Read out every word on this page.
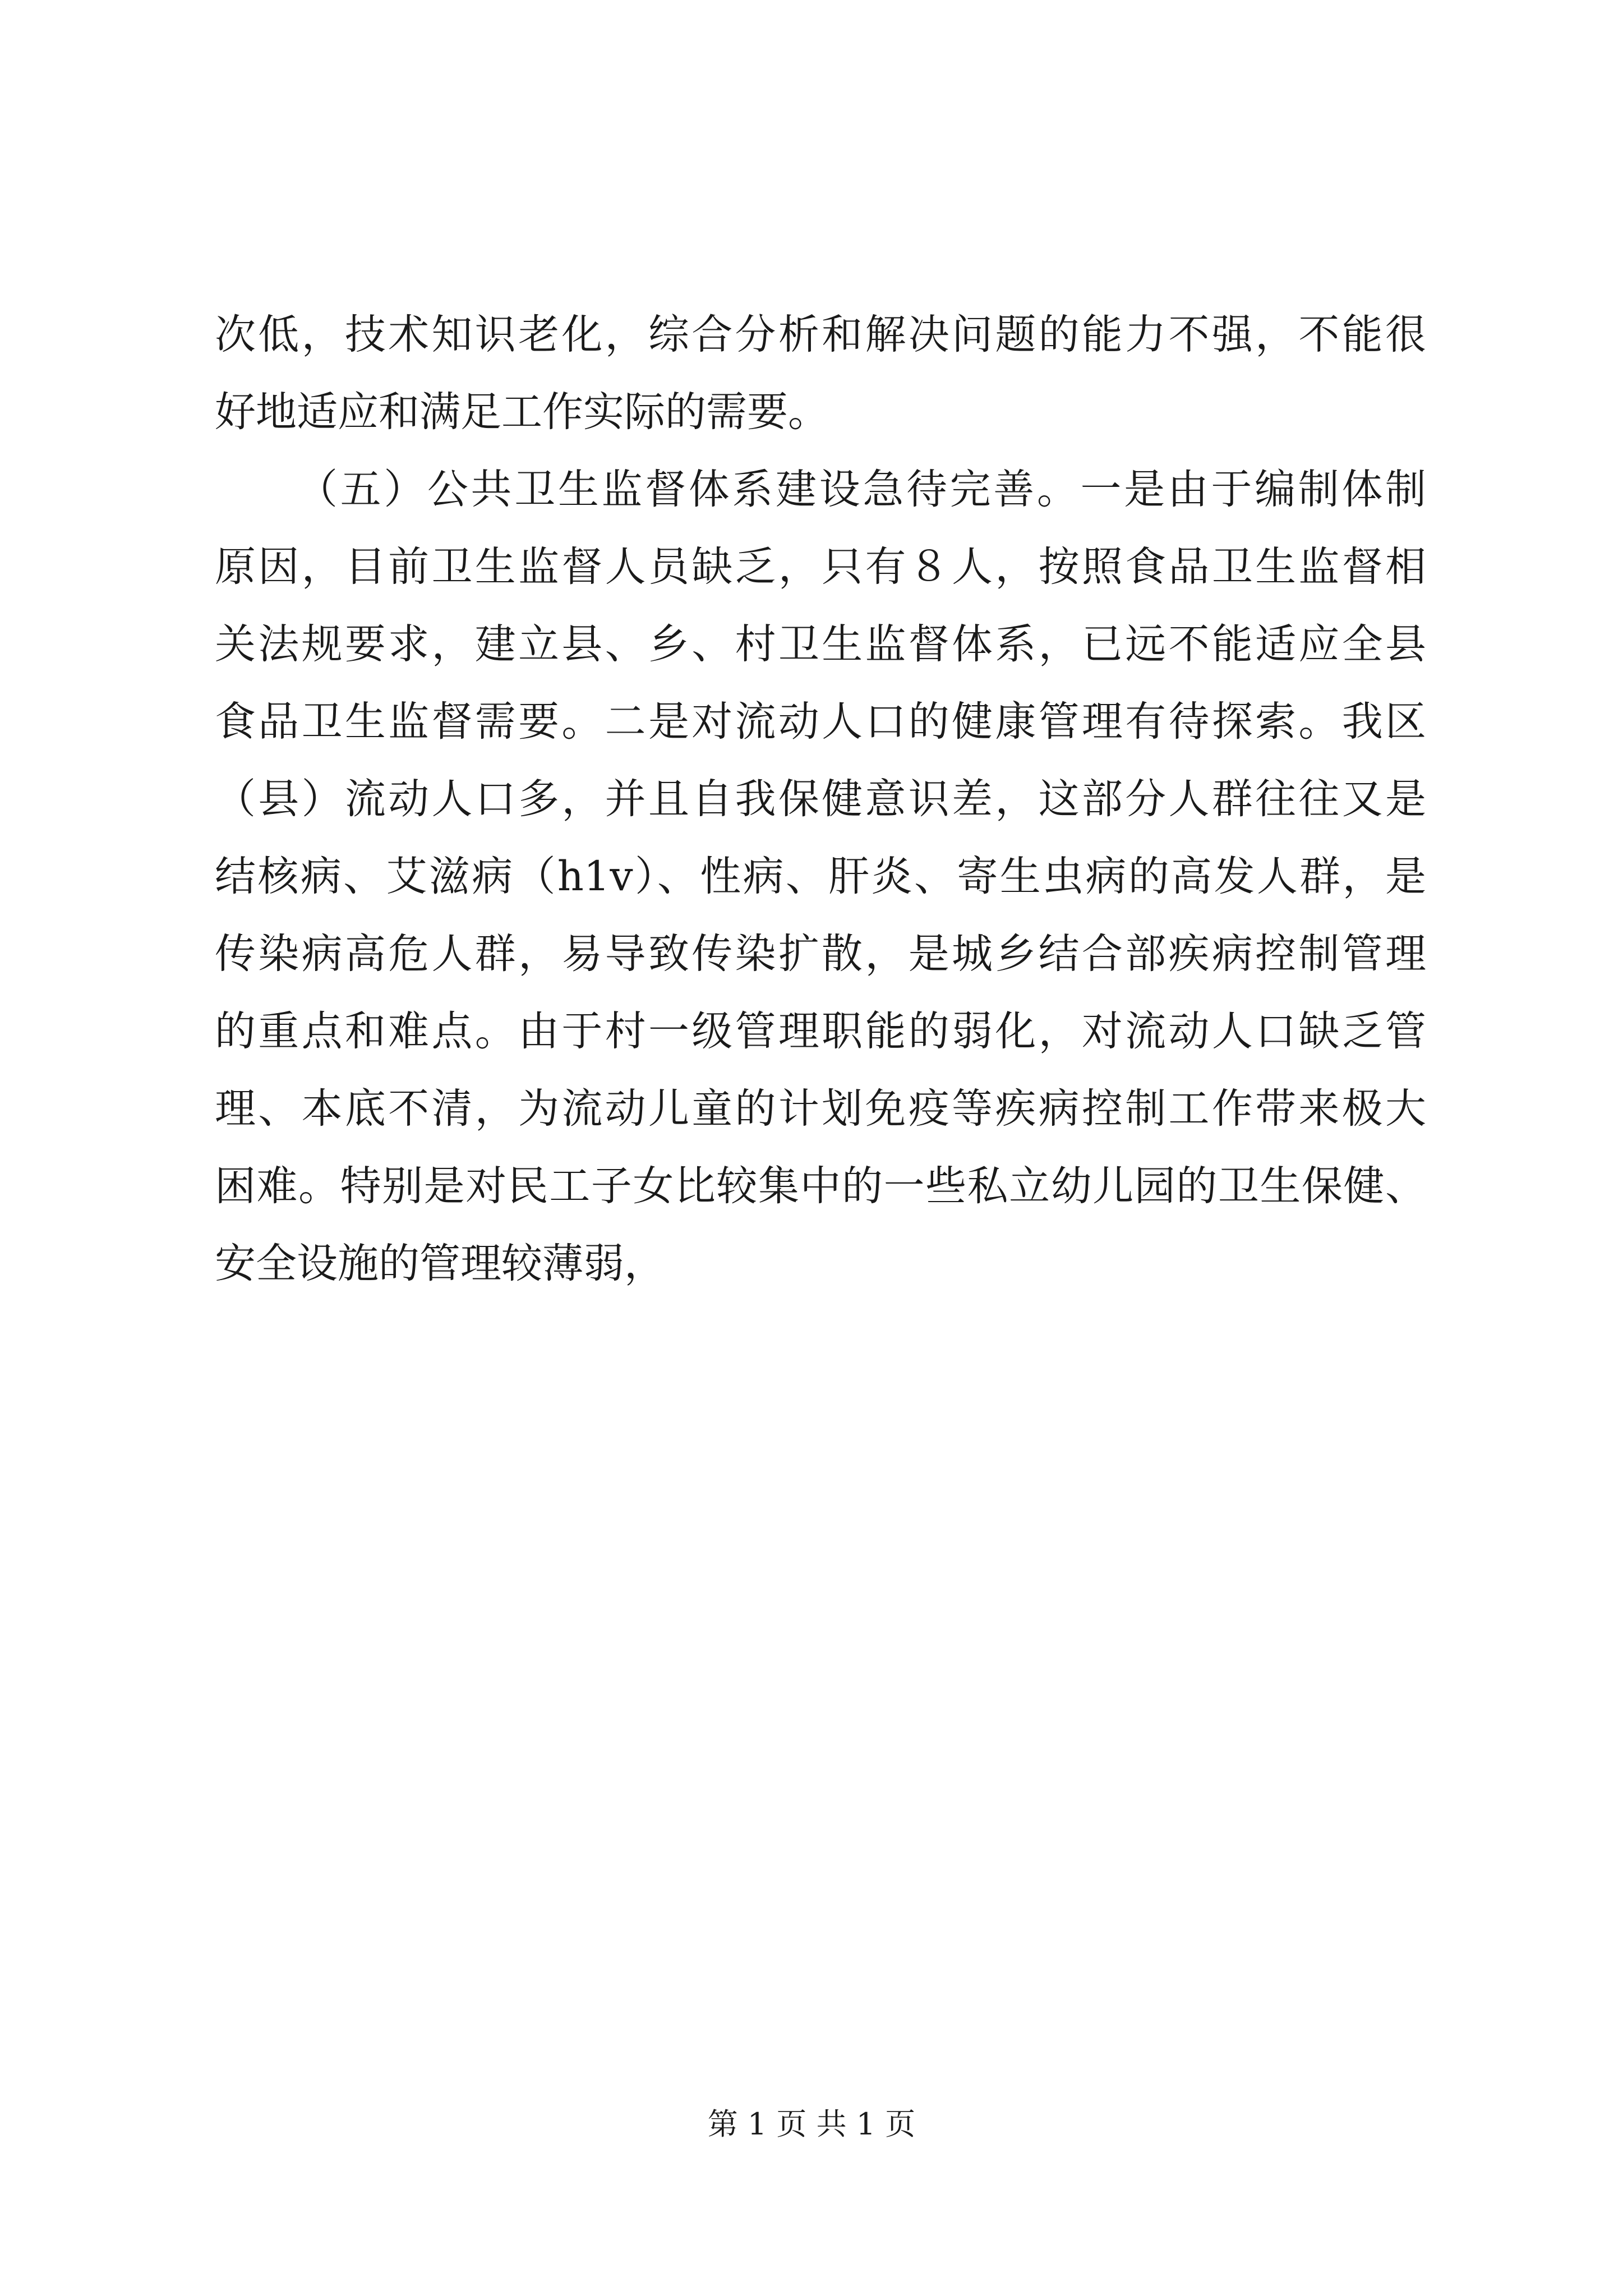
次低，技术知识老化，综合分析和解决问题的能力不强，不能很
好地适应和满足工作实际的需要。
（五）公共卫生监督体系建设急待完善。一是由于编制体制
原因，目前卫生监督人员缺乏，只有８人，按照食品卫生监督相
关法规要求，建立县、乡、村卫生监督体系，已远不能适应全县
食品卫生监督需要。二是对流动人口的健康管理有待探索。我区
（县）流动人口多，并且自我保健意识差，这部分人群往往又是
结核病、艾滋病（h1v）、性病、肝炎、寄生虫病的高发人群，是
传染病高危人群，易导致传染扩散，是城乡结合部疾病控制管理
的重点和难点。由于村一级管理职能的弱化，对流动人口缺乏管
理、本底不清，为流动儿童的计划免疫等疾病控制工作带来极大
困难。特别是对民工子女比较集中的一些私立幼儿园的卫生保健、
安全设施的管理较薄弱，
第 1 页 共 1 页
